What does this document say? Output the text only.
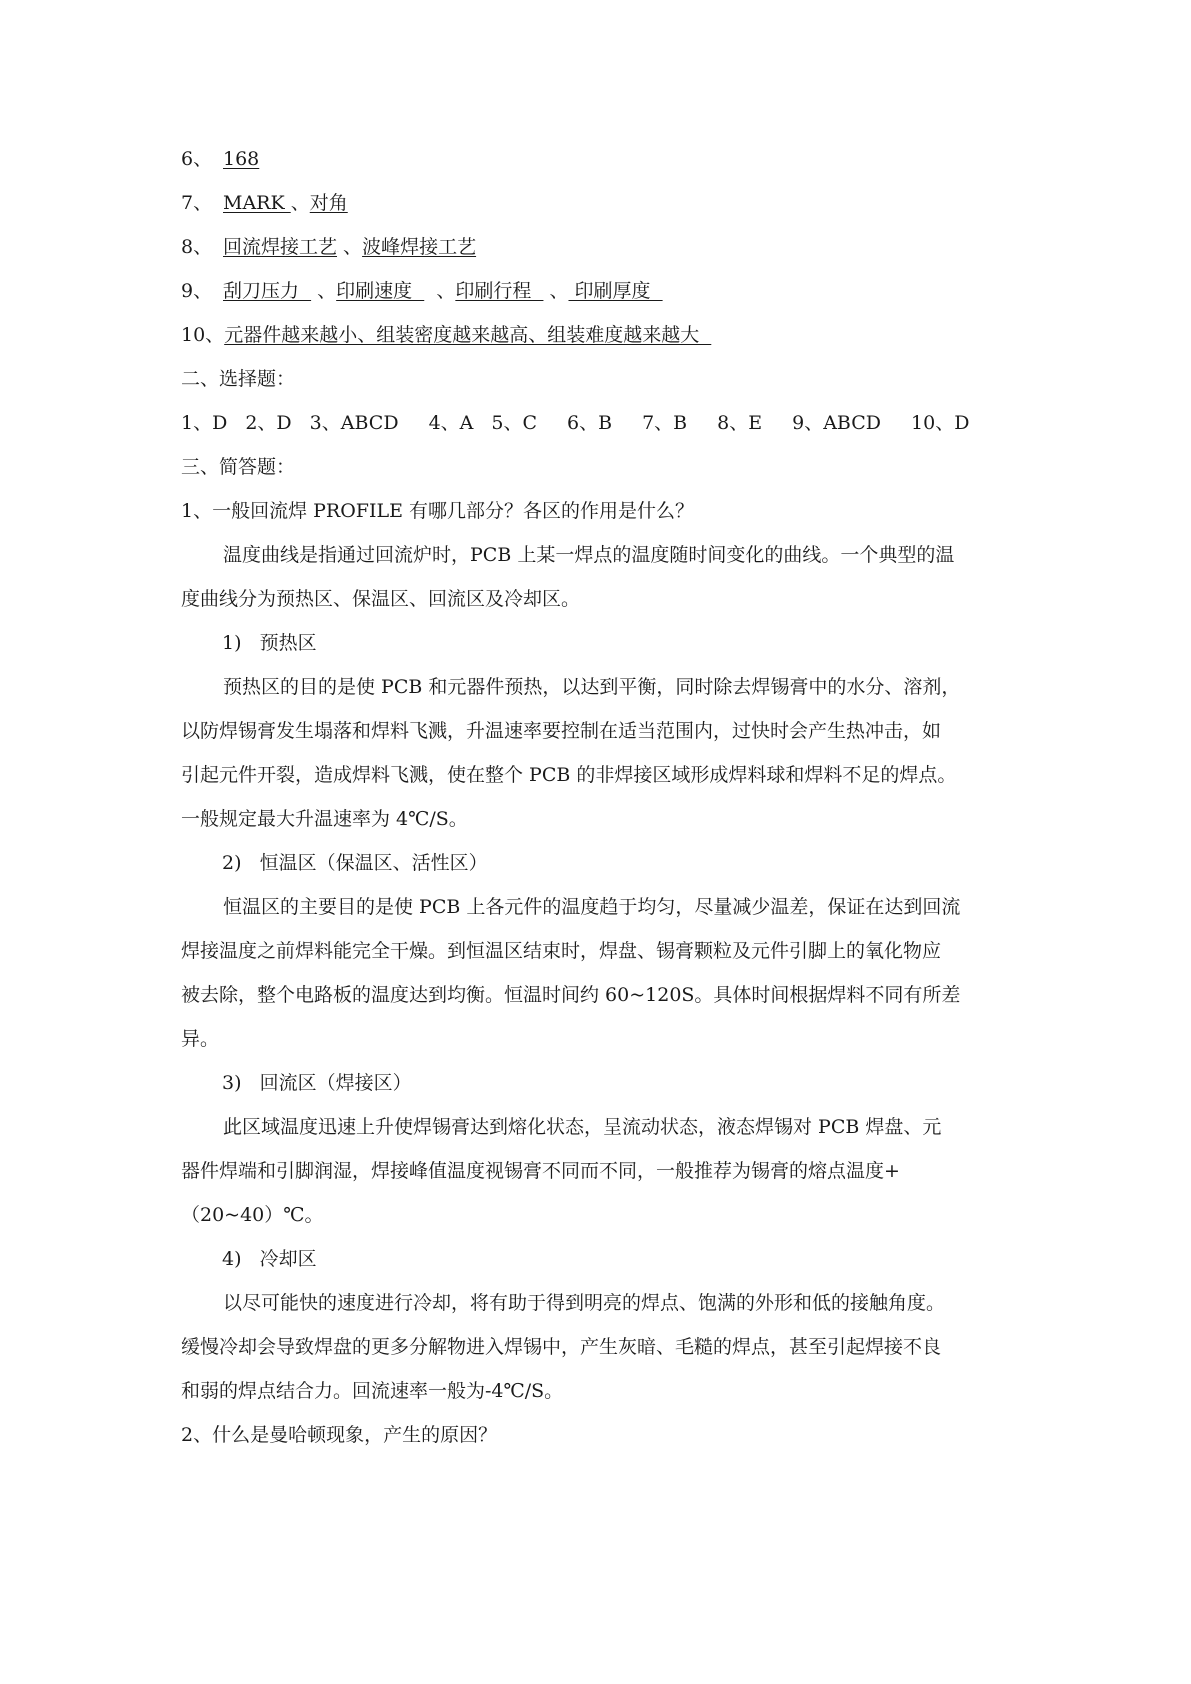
6、 168
7、 MARK 、对角
8、 回流焊接工艺 、波峰焊接工艺
9、 刮刀压力   、印刷速度    、印刷行程   、 印刷厚度
10、元器件越来越小、组装密度越来越高、组装难度越来越大
二、选择题：
1、D 2、D 3、ABCD 4、A 5、C 6、B 7、B 8、E 9、ABCD 10、D
三、简答题：
1、一般回流焊 PROFILE 有哪几部分？各区的作用是什么？
温度曲线是指通过回流炉时，PCB 上某一焊点的温度随时间变化的曲线。一个典型的温
度曲线分为预热区、保温区、回流区及冷却区。
1)   预热区
预热区的目的是使 PCB 和元器件预热，以达到平衡，同时除去焊锡膏中的水分、溶剂，
以防焊锡膏发生塌落和焊料飞溅，升温速率要控制在适当范围内，过快时会产生热冲击，如
引起元件开裂，造成焊料飞溅，使在整个 PCB 的非焊接区域形成焊料球和焊料不足的焊点。
一般规定最大升温速率为 4℃/S。
2)   恒温区（保温区、活性区）
恒温区的主要目的是使 PCB 上各元件的温度趋于均匀，尽量减少温差，保证在达到回流
焊接温度之前焊料能完全干燥。到恒温区结束时，焊盘、锡膏颗粒及元件引脚上的氧化物应
被去除，整个电路板的温度达到均衡。恒温时间约 60~120S。具体时间根据焊料不同有所差
异。
3)   回流区（焊接区）
此区域温度迅速上升使焊锡膏达到熔化状态，呈流动状态，液态焊锡对 PCB 焊盘、元
器件焊端和引脚润湿，焊接峰值温度视锡膏不同而不同，一般推荐为锡膏的熔点温度+
（20~40）℃。
4)   冷却区
以尽可能快的速度进行冷却，将有助于得到明亮的焊点、饱满的外形和低的接触角度。
缓慢冷却会导致焊盘的更多分解物进入焊锡中，产生灰暗、毛糙的焊点，甚至引起焊接不良
和弱的焊点结合力。回流速率一般为-4℃/S。
2、什么是曼哈顿现象，产生的原因？
